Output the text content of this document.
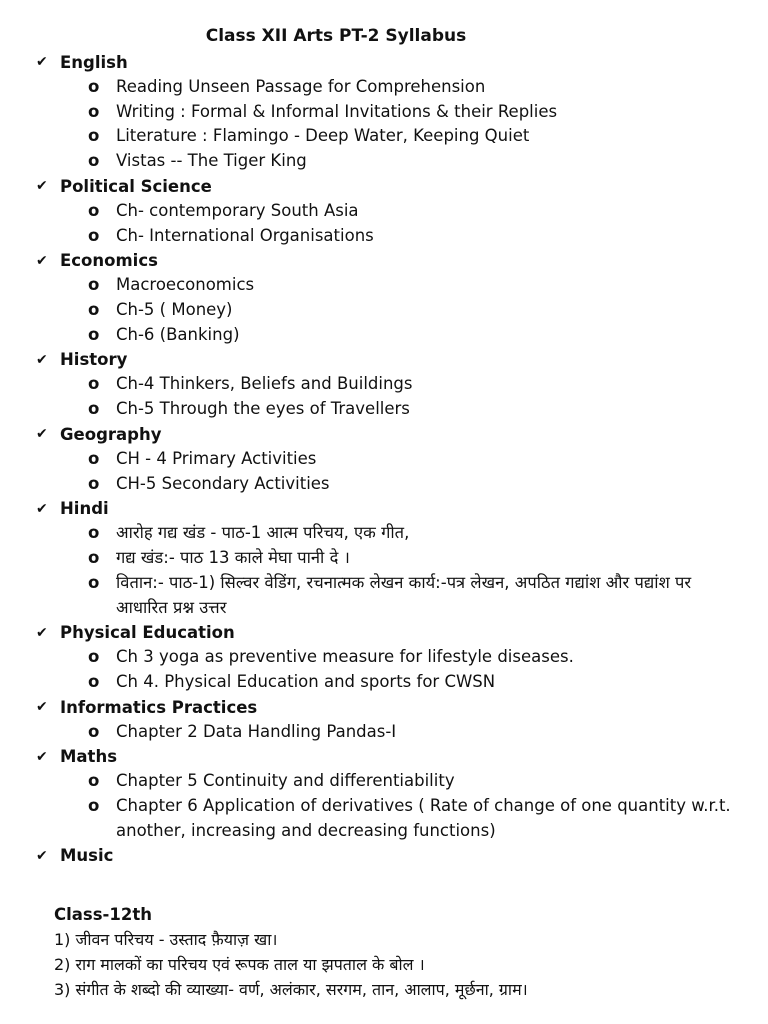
Class XII Arts PT-2 Syllabus
✔ English
o	Reading Unseen Passage for Comprehension
o	Writing : Formal & Informal Invitations & their Replies
o	Literature : Flamingo - Deep Water, Keeping Quiet
o	Vistas -- The Tiger King
✔ Political Science
o	Ch- contemporary South Asia
o	Ch- International Organisations
✔ Economics
o	Macroeconomics
o	Ch-5 ( Money)
o	Ch-6 (Banking)
✔ History
o	Ch-4 Thinkers, Beliefs and Buildings
o	Ch-5 Through the eyes of Travellers
✔ Geography
o	CH - 4 Primary Activities
o	CH-5 Secondary Activities
✔ Hindi
o	आरोह गद्य खंड - पाठ-1 आत्म परिचय, एक गीत,
o	गद्य खंड:- पाठ 13 काले मेघा पानी दे ।
o	वितान:- पाठ-1) सिल्वर वेडिंग, रचनात्मक लेखन कार्य:-पत्र लेखन, अपठित गद्यांश और पद्यांश पर आधारित प्रश्न उत्तर
✔ Physical Education
o	Ch 3 yoga as preventive measure for lifestyle diseases.
o	Ch 4. Physical Education and sports for CWSN
✔ Informatics Practices
o	Chapter 2 Data Handling Pandas-I
✔ Maths
o	Chapter 5 Continuity and differentiability
o	Chapter 6 Application of derivatives ( Rate of change of one quantity w.r.t. another, increasing and decreasing functions)
✔ Music
Class-12th
1) जीवन परिचय - उस्ताद फ़ैयाज़ खा।
2) राग मालकों का परिचय एवं रूपक ताल या झपताल के बोल ।
3) संगीत के शब्दो की व्याख्या- वर्ण, अलंकार, सरगम, तान, आलाप, मूर्छना, ग्राम।
